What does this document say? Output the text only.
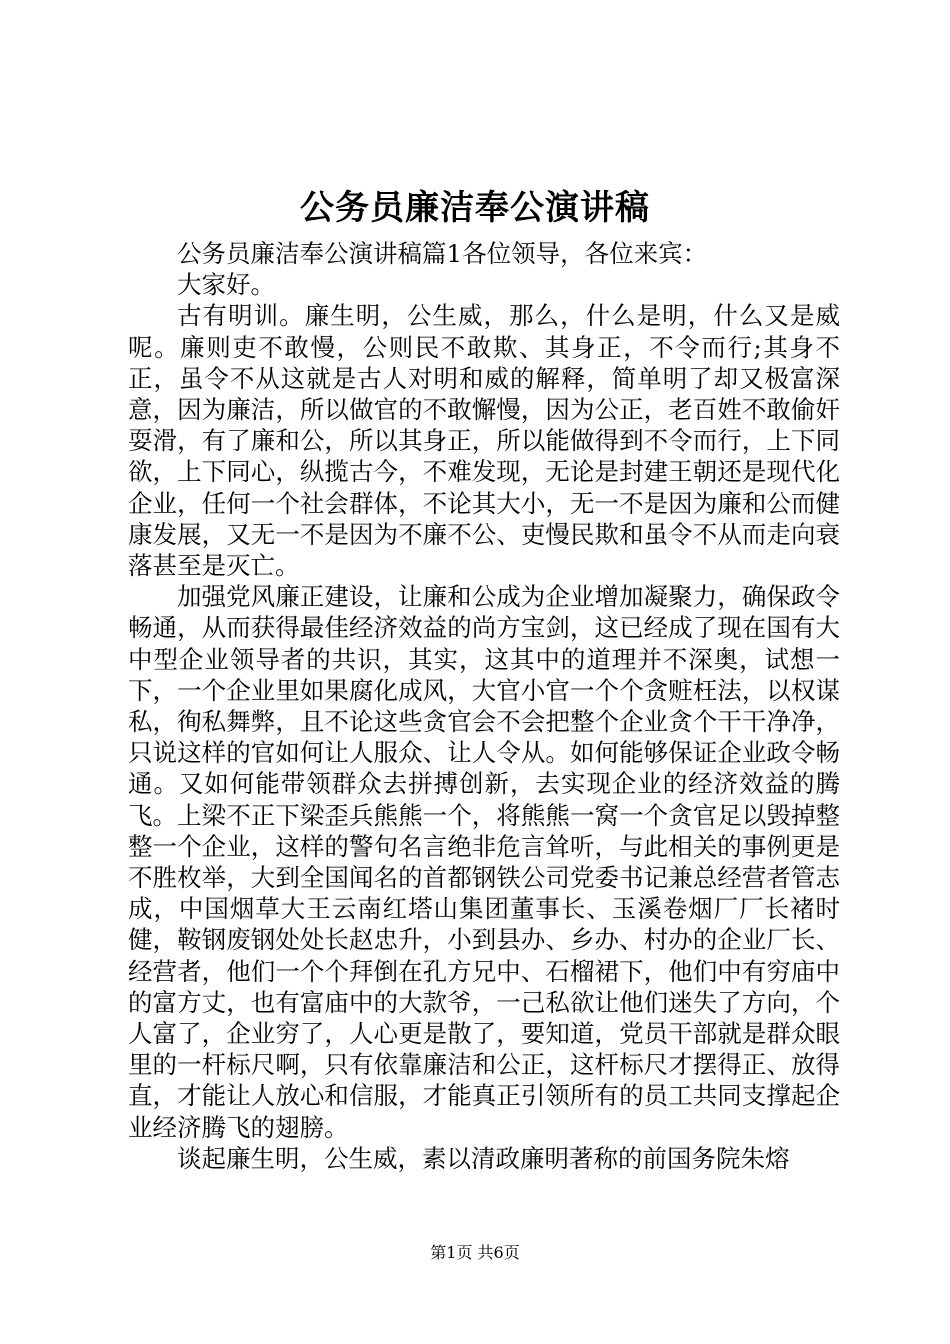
公务员廉洁奉公演讲稿

公务员廉洁奉公演讲稿篇1各位领导，各位来宾：

大家好。

古有明训。廉生明，公生威，那么，什么是明，什么又是威呢。廉则吏不敢慢，公则民不敢欺、其身正，不令而行;其身不正，虽令不从这就是古人对明和威的解释，简单明了却又极富深意，因为廉洁，所以做官的不敢懈慢，因为公正，老百姓不敢偷奸耍滑，有了廉和公，所以其身正，所以能做得到不令而行，上下同欲，上下同心，纵揽古今，不难发现，无论是封建王朝还是现代化企业，任何一个社会群体，不论其大小，无一不是因为廉和公而健康发展，又无一不是因为不廉不公、吏慢民欺和虽令不从而走向衰落甚至是灭亡。

加强党风廉正建设，让廉和公成为企业增加凝聚力，确保政令畅通，从而获得最佳经济效益的尚方宝剑，这已经成了现在国有大中型企业领导者的共识，其实，这其中的道理并不深奥，试想一下，一个企业里如果腐化成风，大官小官一个个贪赃枉法，以权谋私，徇私舞弊，且不论这些贪官会不会把整个企业贪个干干净净，只说这样的官如何让人服众、让人令从。如何能够保证企业政令畅通。又如何能带领群众去拼搏创新，去实现企业的经济效益的腾飞。上梁不正下梁歪兵熊熊一个，将熊熊一窝一个贪官足以毁掉整整一个企业，这样的警句名言绝非危言耸听，与此相关的事例更是不胜枚举，大到全国闻名的首都钢铁公司党委书记兼总经营者管志成，中国烟草大王云南红塔山集团董事长、玉溪卷烟厂厂长褚时健，鞍钢废钢处处长赵忠升，小到县办、乡办、村办的企业厂长、经营者，他们一个个拜倒在孔方兄中、石榴裙下，他们中有穷庙中的富方丈，也有富庙中的大款爷，一己私欲让他们迷失了方向，个人富了，企业穷了，人心更是散了，要知道，党员干部就是群众眼里的一杆标尺啊，只有依靠廉洁和公正，这杆标尺才摆得正、放得直，才能让人放心和信服，才能真正引领所有的员工共同支撑起企业经济腾飞的翅膀。

谈起廉生明，公生威，素以清政廉明著称的前国务院朱熔

第1页 共6页
